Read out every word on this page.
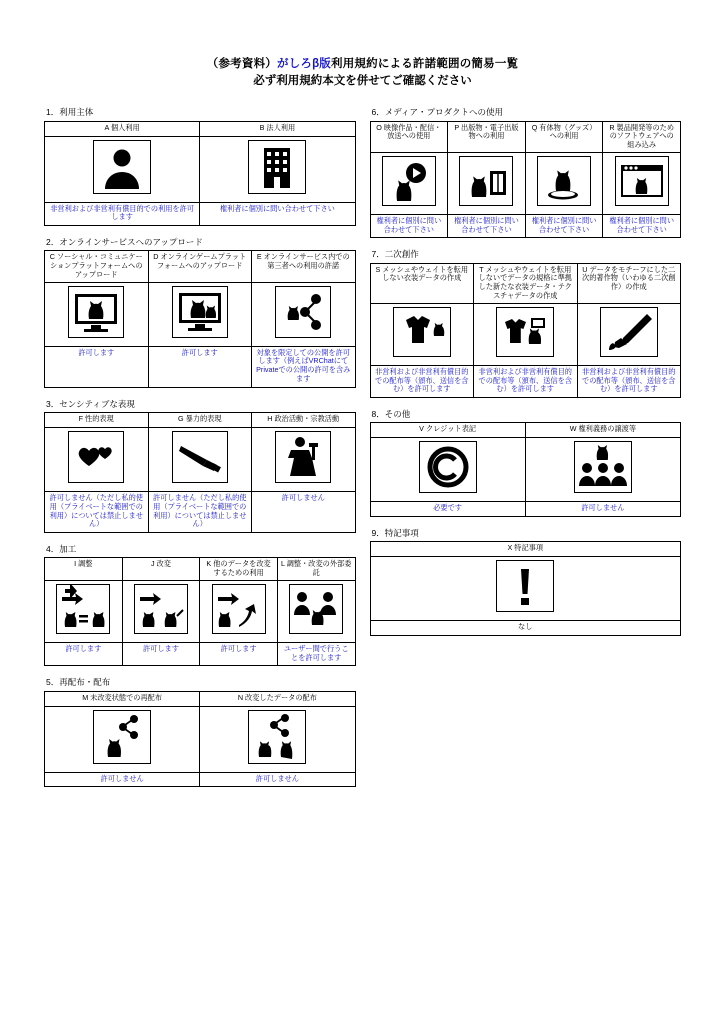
（参考資料）がしろβ版利用規約による許諾範囲の簡易一覧
必ず利用規約本文を併せてご確認ください
1．利用主体
A 個人利用	B 法人利用

非営利および非営利有償目的での利用を許可します	権利者に個別に問い合わせて下さい
2．オンラインサービスへのアップロード
C ソーシャル・コミュニケーションプラットフォームへのアップロード	D オンラインゲームプラットフォームへのアップロード	E オンラインサービス内での第三者への利用の許諾

許可します	許可します	対象を限定しての公開を許可します（例えばVRChatにてPrivateでの公開の許可を含みます
3．センシティブな表現
F 性的表現	G 暴力的表現	H 政治活動・宗教活動

許可しません（ただし私的使用（プライベートな範囲での利用）については禁止しません）	許可しません（ただし私的使用（プライベートな範囲での利用）については禁止しません）	許可しません
4．加工
I 調整	J 改変	K 他のデータを改変するための利用	L 調整・改変の外部委託

許可します	許可します	許可します	ユーザー間で行うことを許可します
5．再配布・配布
M 未改変状態での再配布	N 改変したデータの配布

許可しません	許可しません
6．メディア・プロダクトへの使用
O 映像作品・配信・放送への使用	P 出版物・電子出版物への利用	Q 有体物（グッズ）への利用	R 製品開発等のためのソフトウェアへの組み込み

権利者に個別に問い合わせて下さい	権利者に個別に問い合わせて下さい	権利者に個別に問い合わせて下さい	権利者に個別に問い合わせて下さい
7．二次創作
S メッシュやウェイトを転用しない衣装データの作成	T メッシュやウェイトを転用しないでデータの規格に準拠した新たな衣装データ・テクスチャデータの作成	U データをモチーフにした二次的著作物（いわゆる二次創作）の作成

非営利および非営利有償目的での配布等（頒布、送信を含む）を許可します	非営利および非営利有償目的での配布等（頒布、送信を含む）を許可します	非営利および非営利有償目的での配布等（頒布、送信を含む）を許可します
8．その他
V クレジット表記	W 権利義務の譲渡等

必要です	許可しません
9．特記事項
X 特記事項

なし
